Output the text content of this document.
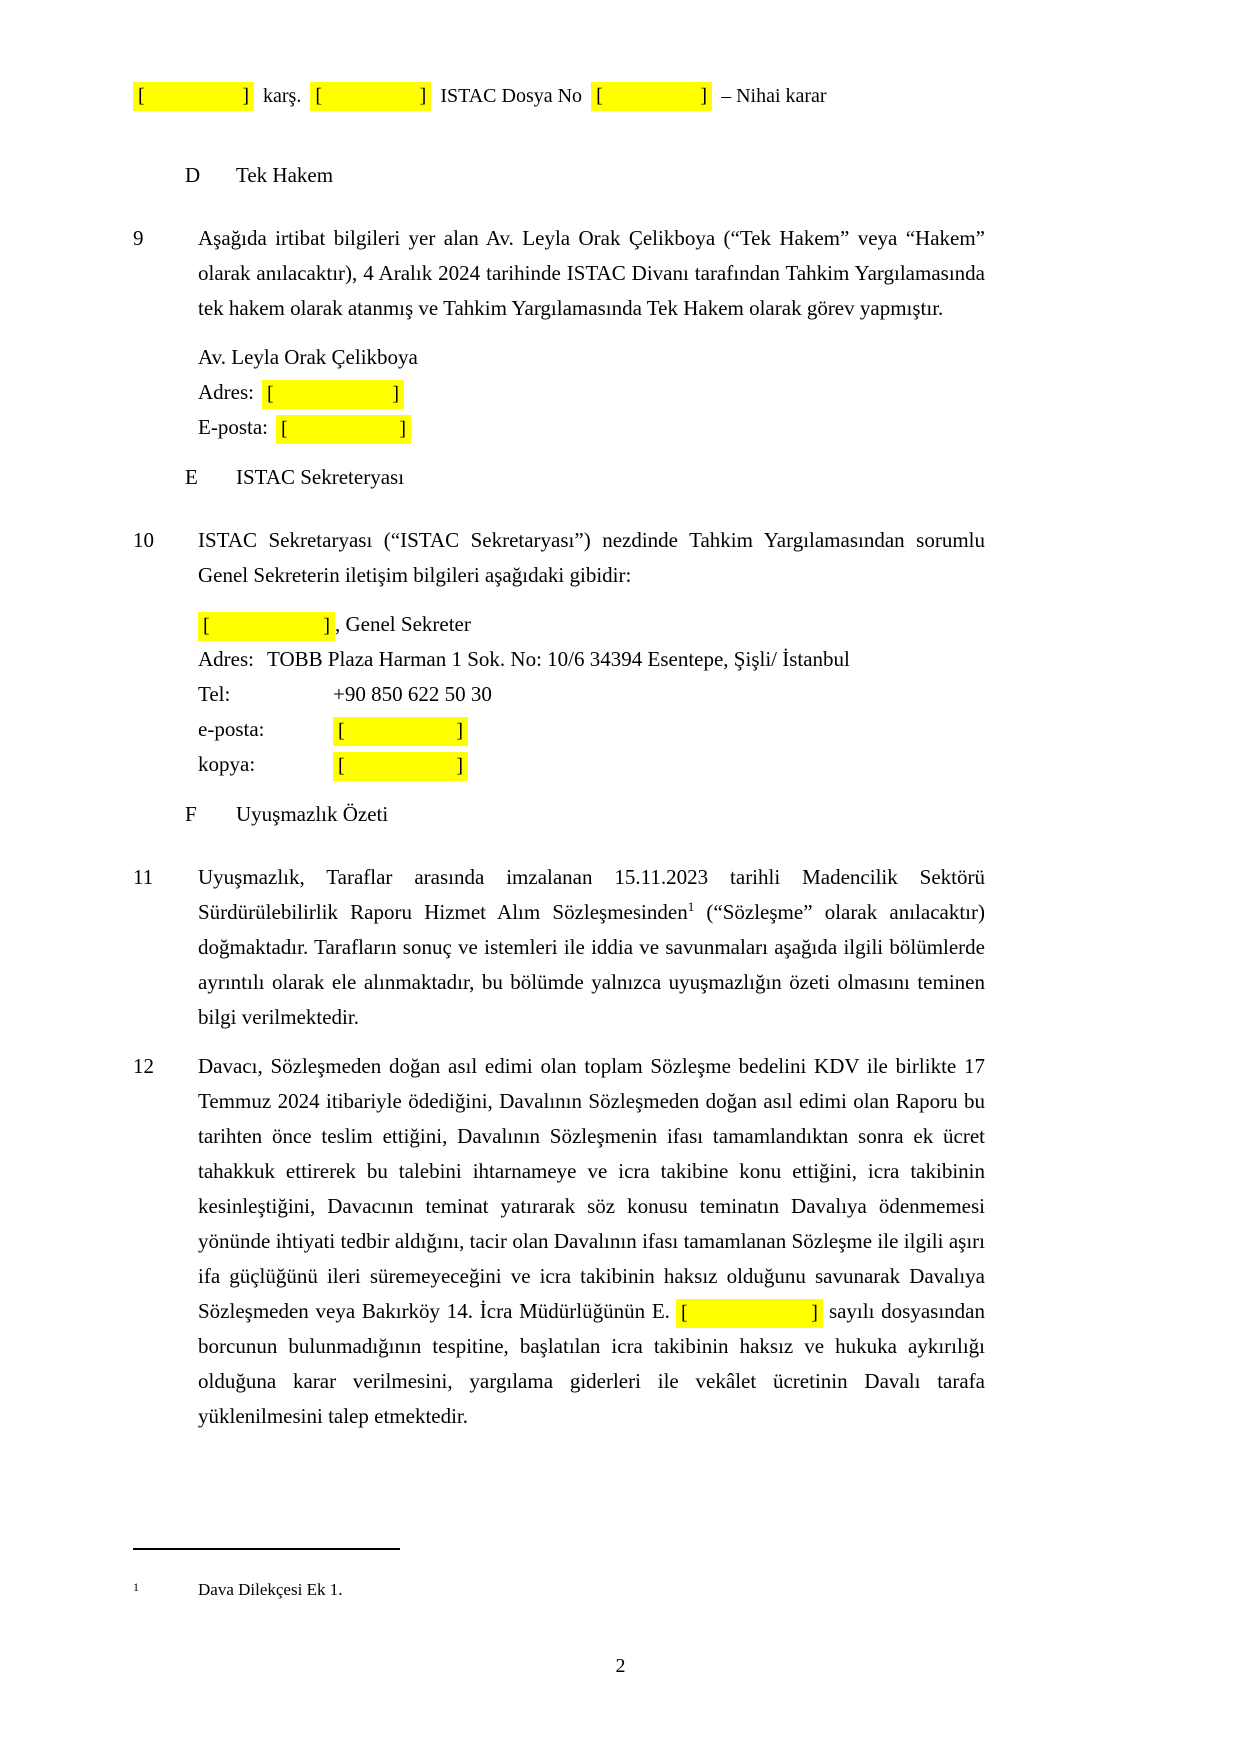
[	] karş. [	] ISTAC Dosya No [	] – Nihai karar
D	Tek Hakem
9	Aşağıda irtibat bilgileri yer alan Av. Leyla Orak Çelikboya (“Tek Hakem” veya “Hakem” olarak anılacaktır), 4 Aralık 2024 tarihinde ISTAC Divanı tarafından Tahkim Yargılamasında tek hakem olarak atanmış ve Tahkim Yargılamasında Tek Hakem olarak görev yapmıştır.
Av. Leyla Orak Çelikboya
Adres: [	]
E-posta: [	]
E	ISTAC Sekreteryası
10	ISTAC Sekretaryası (“ISTAC Sekretaryası”) nezdinde Tahkim Yargılamasından sorumlu Genel Sekreterin iletişim bilgileri aşağıdaki gibidir:
[	] , Genel Sekreter
Adres: TOBB Plaza Harman 1 Sok. No: 10/6 34394 Esentepe, Şişli/ İstanbul
Tel:	+90 850 622 50 30
e-posta:	[	]
kopya:	[	]
F	Uyuşmazlık Özeti
11	Uyuşmazlık, Taraflar arasında imzalanan 15.11.2023 tarihli Madencilik Sektörü Sürdürülebilirlik Raporu Hizmet Alım Sözleşmesinden$^1$ (“Sözleşme” olarak anılacaktır) doğmaktadır. Tarafların sonuç ve istemleri ile iddia ve savunmaları aşağıda ilgili bölümlerde ayrıntılı olarak ele alınmaktadır, bu bölümde yalnızca uyuşmazlığın özeti olmasını teminen bilgi verilmektedir.
12	Davacı, Sözleşmeden doğan asıl edimi olan toplam Sözleşme bedelini KDV ile birlikte 17 Temmuz 2024 itibariyle ödediğini, Davalının Sözleşmeden doğan asıl edimi olan Raporu bu tarihten önce teslim ettiğini, Davalının Sözleşmenin ifası tamamlandıktan sonra ek ücret tahakkuk ettirerek bu talebini ihtarnameye ve icra takibine konu ettiğini, icra takibinin kesinleştiğini, Davacının teminat yatırarak söz konusu teminatın Davalıya ödenmemesi yönünde ihtiyati tedbir aldığını, tacir olan Davalının ifası tamamlanan Sözleşme ile ilgili aşırı ifa güçlüğünü ileri süremeyeceğini ve icra takibinin haksız olduğunu savunarak Davalıya Sözleşmeden veya Bakırköy 14. İcra Müdürlüğünün E. [	] sayılı dosyasından borcunun bulunmadığının tespitine, başlatılan icra takibinin haksız ve hukuka aykırılığı olduğuna karar verilmesini, yargılama giderleri ile vekâlet ücretinin Davalı tarafa yüklenilmesini talep etmektedir.
1	Dava Dilekçesi Ek 1.
2
